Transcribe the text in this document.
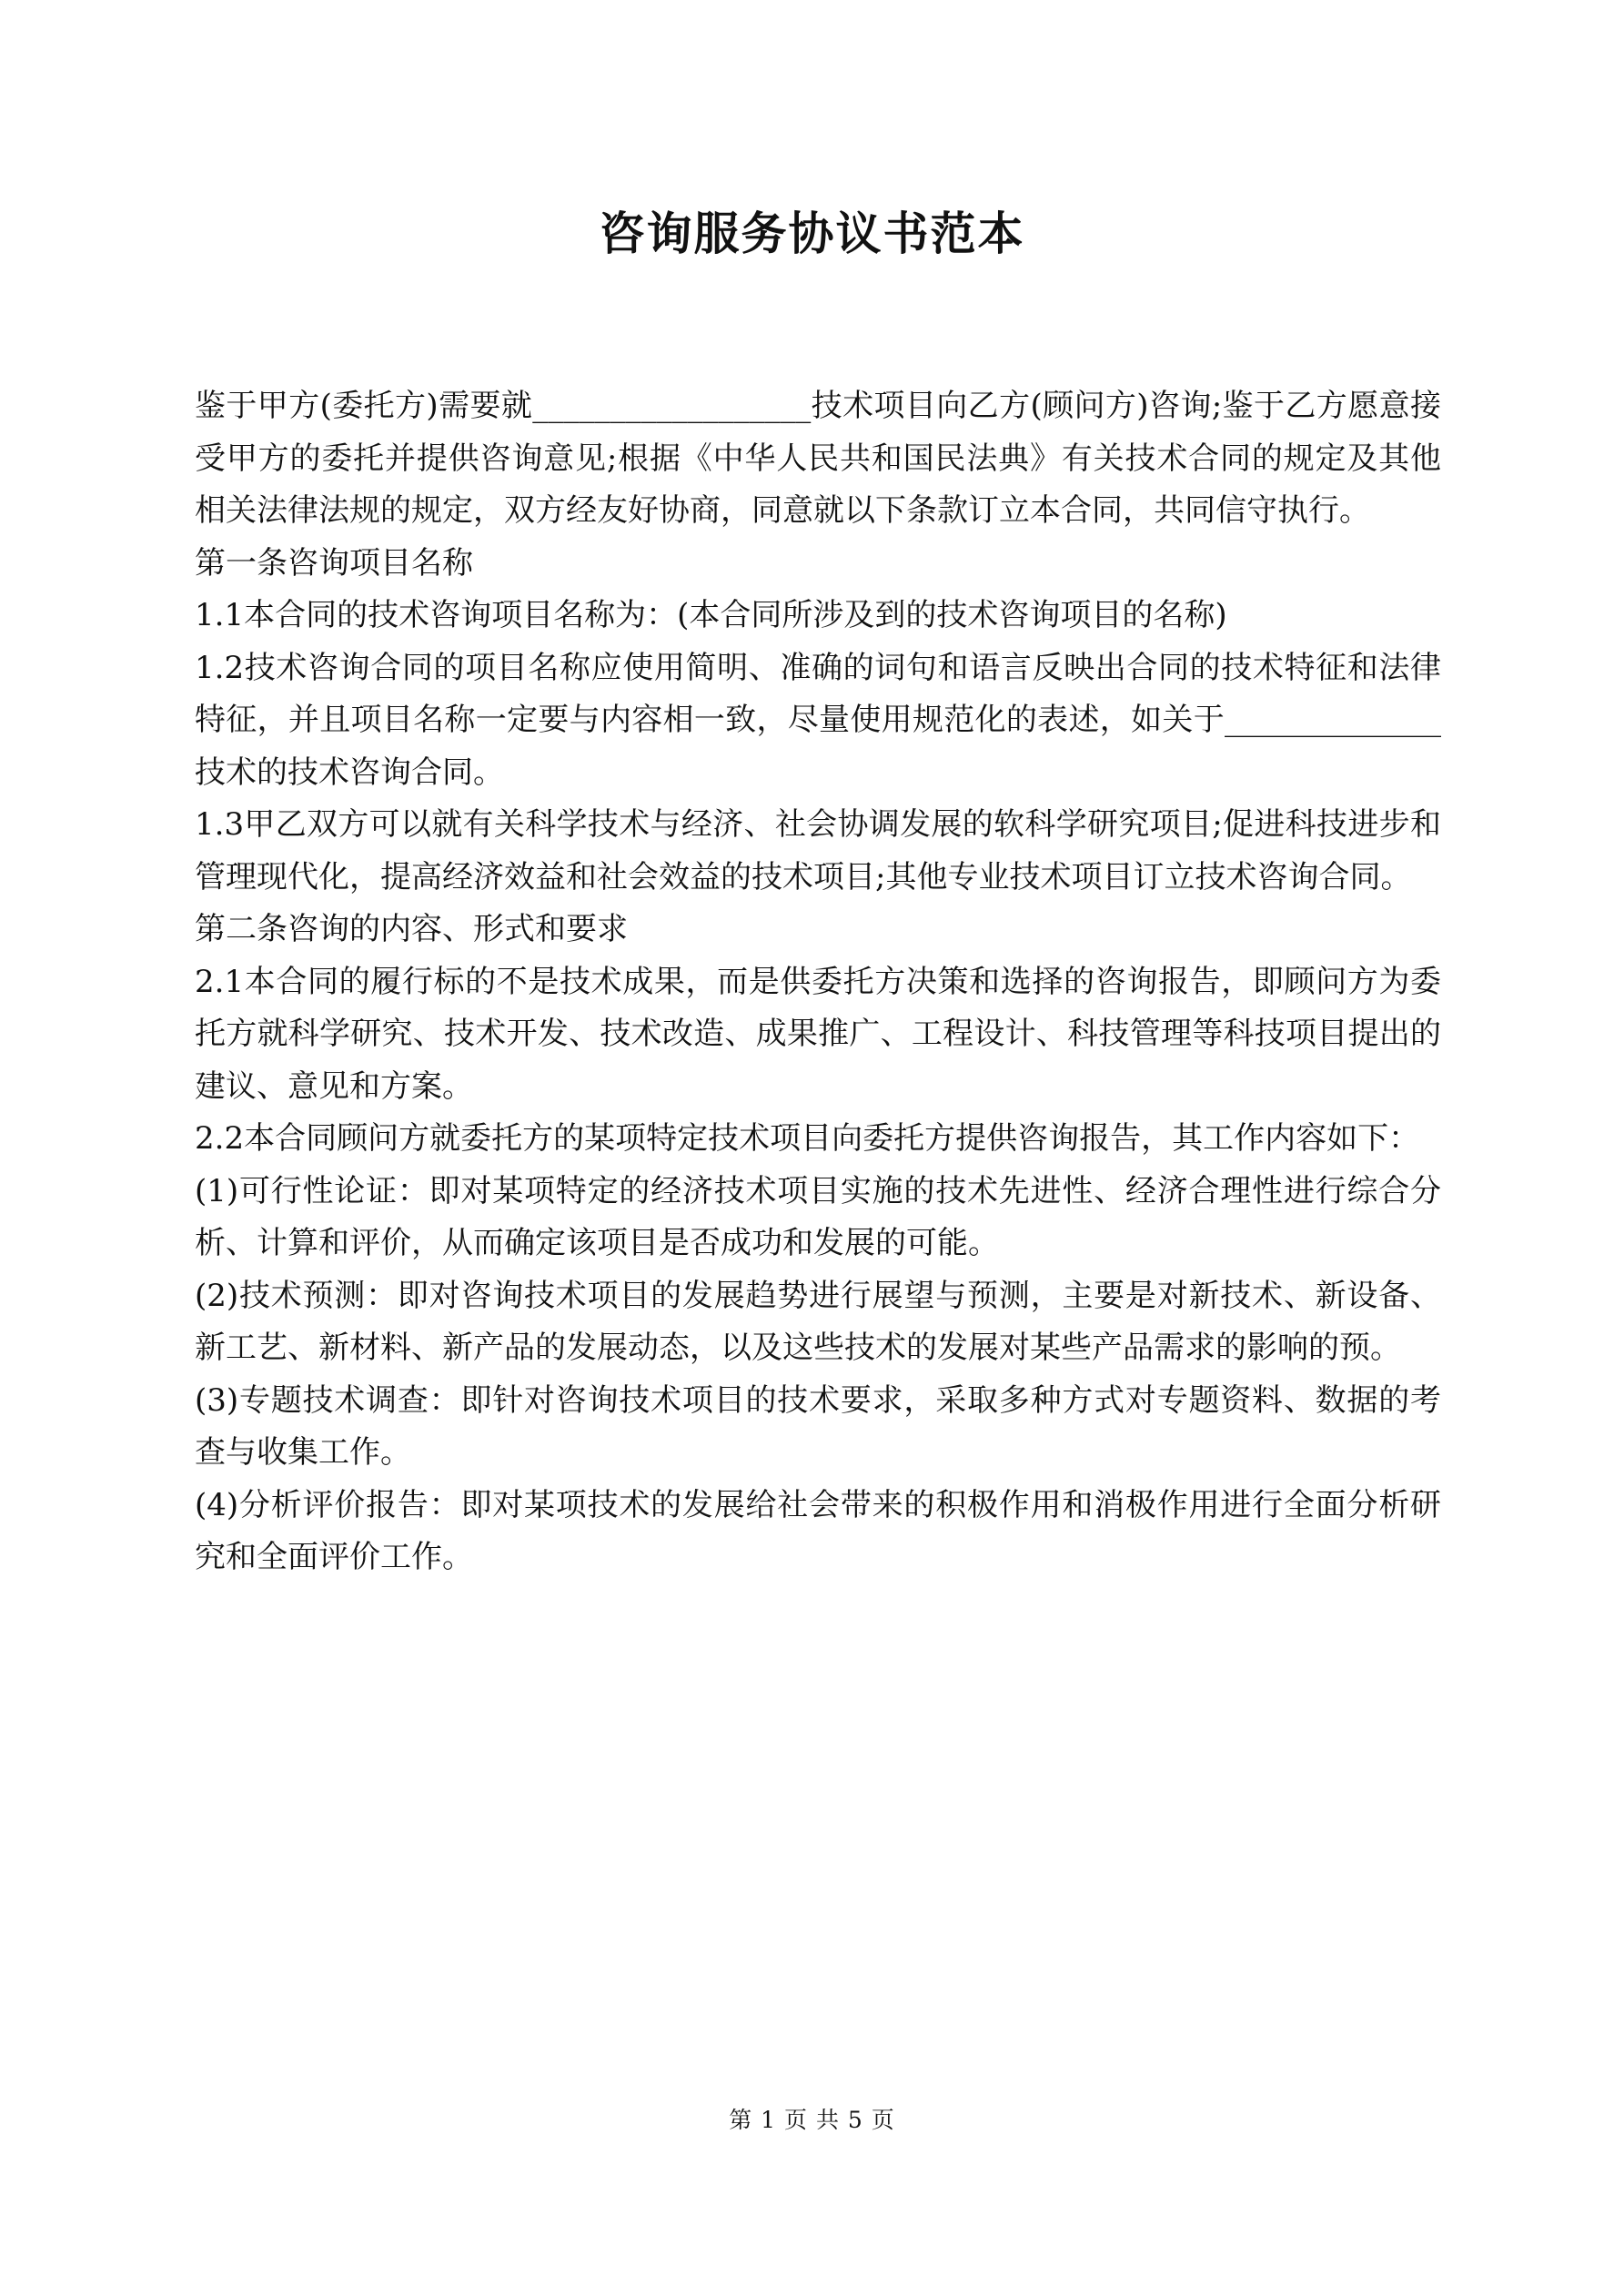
咨询服务协议书范本

鉴于甲方(委托方)需要就__________________技术项目向乙方(顾问方)咨询;鉴于乙方愿意接受甲方的委托并提供咨询意见;根据《中华人民共和国民法典》有关技术合同的规定及其他相关法律法规的规定，双方经友好协商，同意就以下条款订立本合同，共同信守执行。

第一条咨询项目名称

1.1本合同的技术咨询项目名称为：(本合同所涉及到的技术咨询项目的名称)

1.2技术咨询合同的项目名称应使用简明、准确的词句和语言反映出合同的技术特征和法律特征，并且项目名称一定要与内容相一致，尽量使用规范化的表述，如关于______________技术的技术咨询合同。

1.3甲乙双方可以就有关科学技术与经济、社会协调发展的软科学研究项目;促进科技进步和管理现代化，提高经济效益和社会效益的技术项目;其他专业技术项目订立技术咨询合同。

第二条咨询的内容、形式和要求

2.1本合同的履行标的不是技术成果，而是供委托方决策和选择的咨询报告，即顾问方为委托方就科学研究、技术开发、技术改造、成果推广、工程设计、科技管理等科技项目提出的建议、意见和方案。

2.2本合同顾问方就委托方的某项特定技术项目向委托方提供咨询报告，其工作内容如下：

(1)可行性论证：即对某项特定的经济技术项目实施的技术先进性、经济合理性进行综合分析、计算和评价，从而确定该项目是否成功和发展的可能。

(2)技术预测：即对咨询技术项目的发展趋势进行展望与预测，主要是对新技术、新设备、新工艺、新材料、新产品的发展动态，以及这些技术的发展对某些产品需求的影响的预。

(3)专题技术调查：即针对咨询技术项目的技术要求，采取多种方式对专题资料、数据的考查与收集工作。

(4)分析评价报告：即对某项技术的发展给社会带来的积极作用和消极作用进行全面分析研究和全面评价工作。

第 1 页 共 5 页
